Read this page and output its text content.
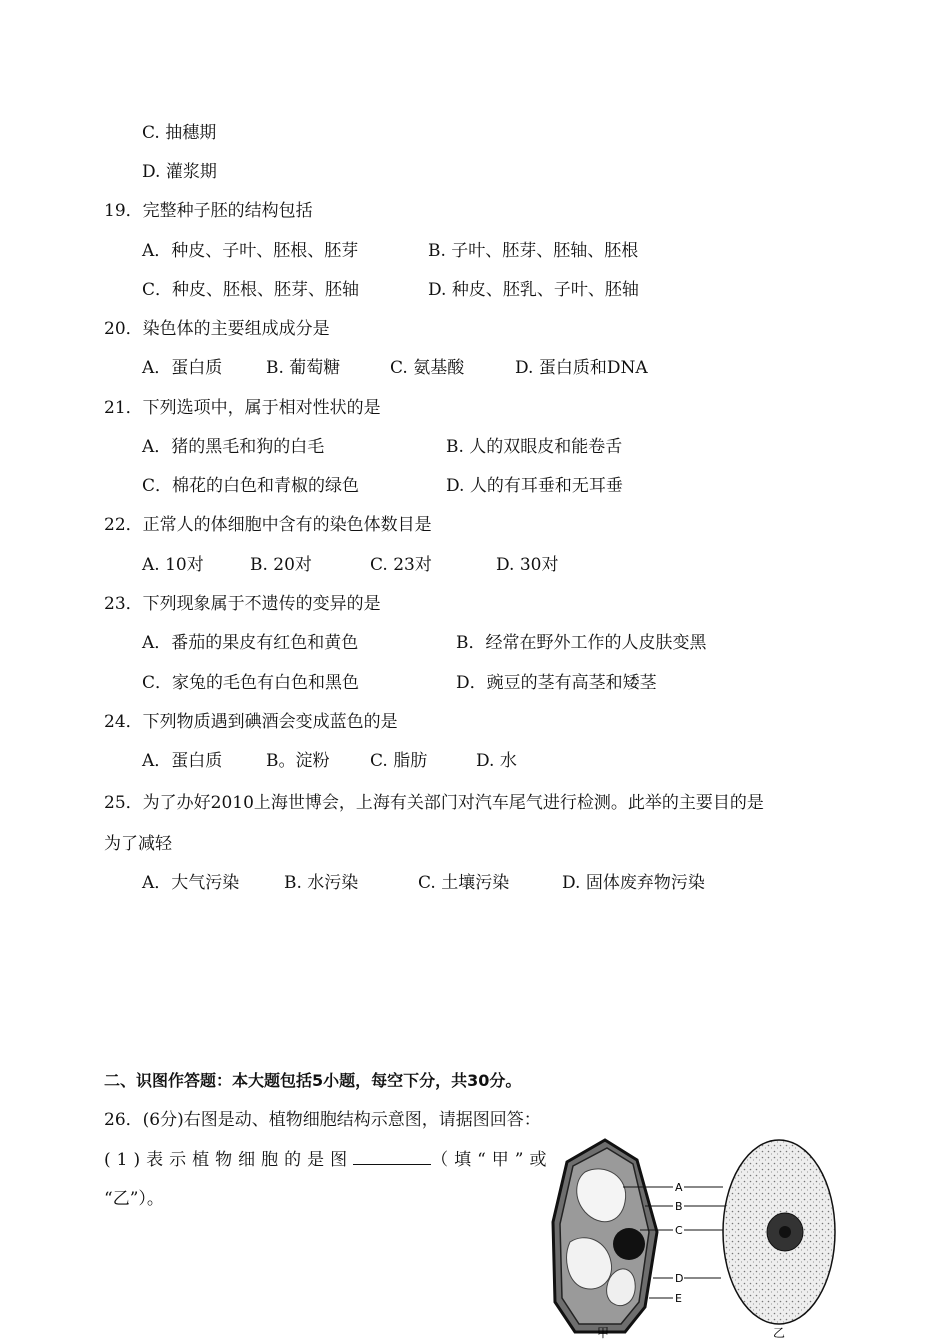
C. 抽穗期
D. 灌浆期
19．完整种子胚的结构包括
A．种皮、子叶、胚根、胚芽	B. 子叶、胚芽、胚轴、胚根
C．种皮、胚根、胚芽、胚轴	D. 种皮、胚乳、子叶、胚轴
20．染色体的主要组成成分是
A．蛋白质	B. 葡萄糖	C. 氨基酸	D. 蛋白质和DNA
21．下列选项中，属于相对性状的是
A．猪的黑毛和狗的白毛	B. 人的双眼皮和能卷舌
C．棉花的白色和青椒的绿色	D. 人的有耳垂和无耳垂
22．正常人的体细胞中含有的染色体数目是
A. 10对	B. 20对	C. 23对	D. 30对
23．下列现象属于不遗传的变异的是
A．番茄的果皮有红色和黄色	B．经常在野外工作的人皮肤变黑
C．家兔的毛色有白色和黑色	D．豌豆的茎有高茎和矮茎
24．下列物质遇到碘酒会变成蓝色的是
A．蛋白质	B。淀粉 C. 脂肪	D. 水
25．为了办好2010上海世博会，上海有关部门对汽车尾气进行检测。此举的主要目的是
为了减轻
A．大气污染	B. 水污染	C. 土壤污染	D. 固体废弃物污染
二、识图作答题：本大题包括5小题，每空下分，共30分。
26．(6分)右图是动、植物细胞结构示意图，请据图回答：
(1)表示植物细胞的是图	（填“甲”或
“乙”）。
A
B
C
D
E
甲	乙
